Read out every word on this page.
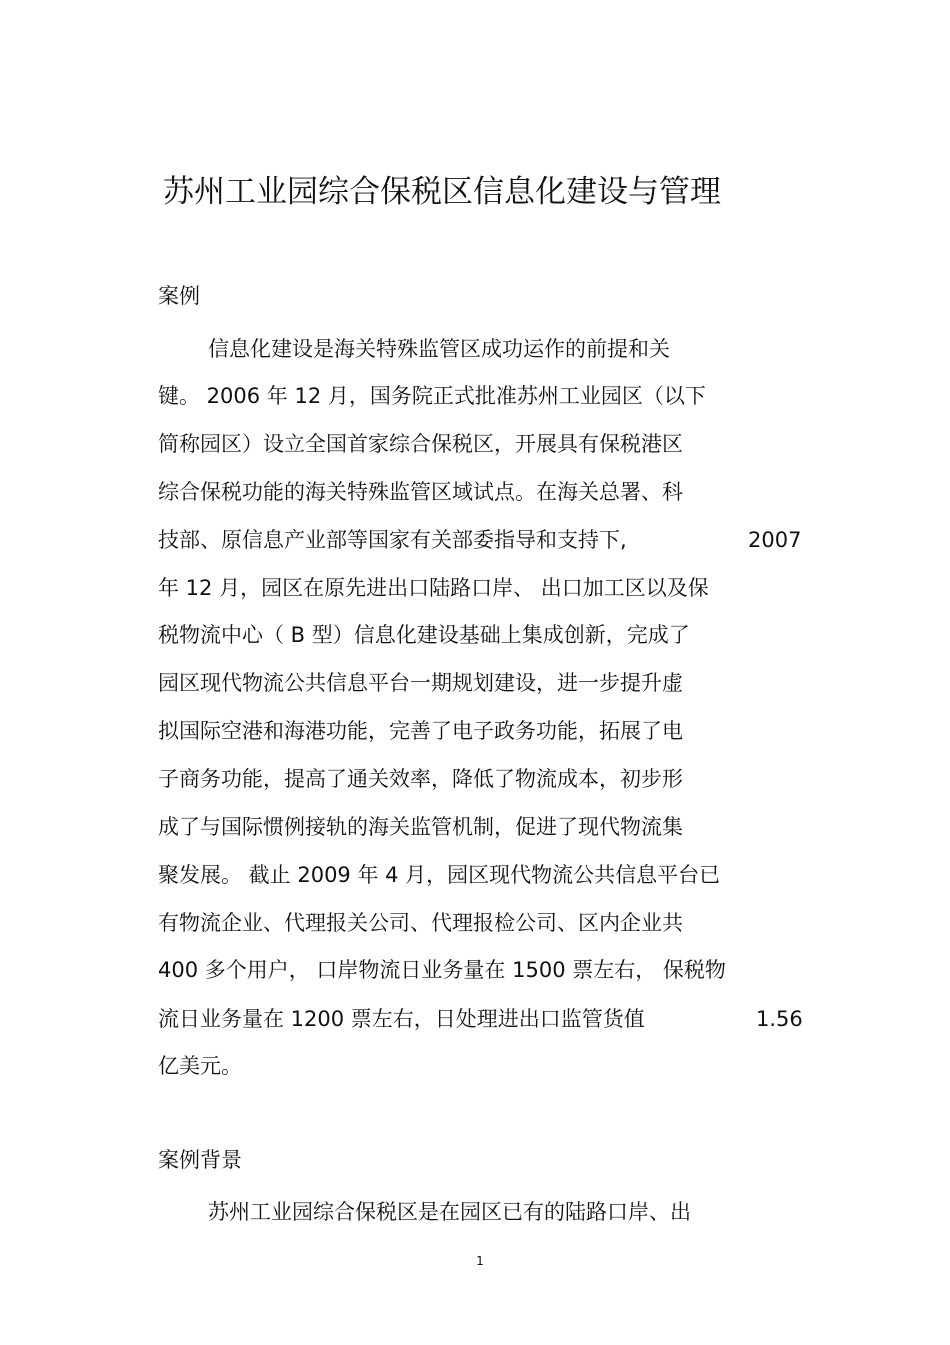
苏州工业园综合保税区信息化建设与管理
案例
信息化建设是海关特殊监管区成功运作的前提和关
键。 2006 年 12 月，国务院正式批准苏州工业园区（以下
简称园区）设立全国首家综合保税区，开展具有保税港区
综合保税功能的海关特殊监管区域试点。在海关总署、科
技部、原信息产业部等国家有关部委指导和支持下,	2007
年 12 月，园区在原先进出口陆路口岸、 出口加工区以及保
税物流中心（ B 型）信息化建设基础上集成创新，完成了
园区现代物流公共信息平台一期规划建设，进一步提升虚
拟国际空港和海港功能，完善了电子政务功能，拓展了电
子商务功能，提高了通关效率，降低了物流成本，初步形
成了与国际惯例接轨的海关监管机制，促进了现代物流集
聚发展。 截止 2009 年 4 月，园区现代物流公共信息平台已
有物流企业、代理报关公司、代理报检公司、区内企业共
400 多个用户， 口岸物流日业务量在 1500 票左右， 保税物
流日业务量在 1200 票左右，日处理进出口监管货值	1.56
亿美元。
案例背景
苏州工业园综合保税区是在园区已有的陆路口岸、出
1
